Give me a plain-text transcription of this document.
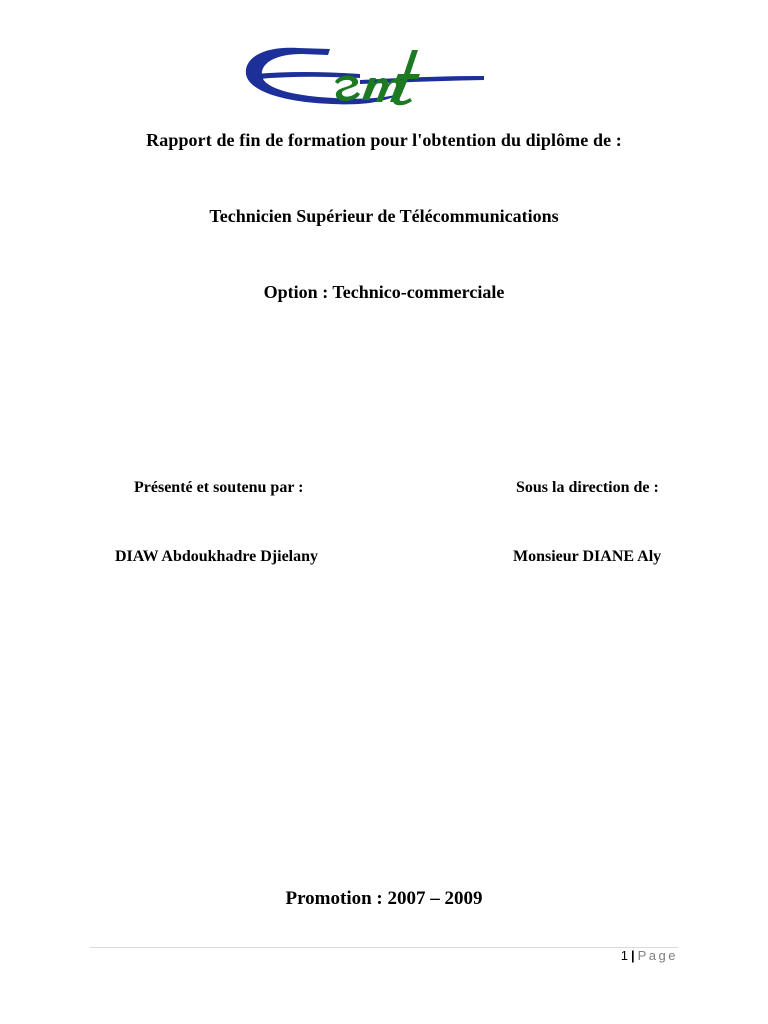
Rapport de fin de formation pour l'obtention du diplôme de :
Technicien Supérieur de Télécommunications
Option : Technico-commerciale
Présenté et soutenu par :	Sous la direction de :
DIAW Abdoukhadre Djielany	Monsieur DIANE Aly
Promotion : 2007 – 2009
1 | Page
